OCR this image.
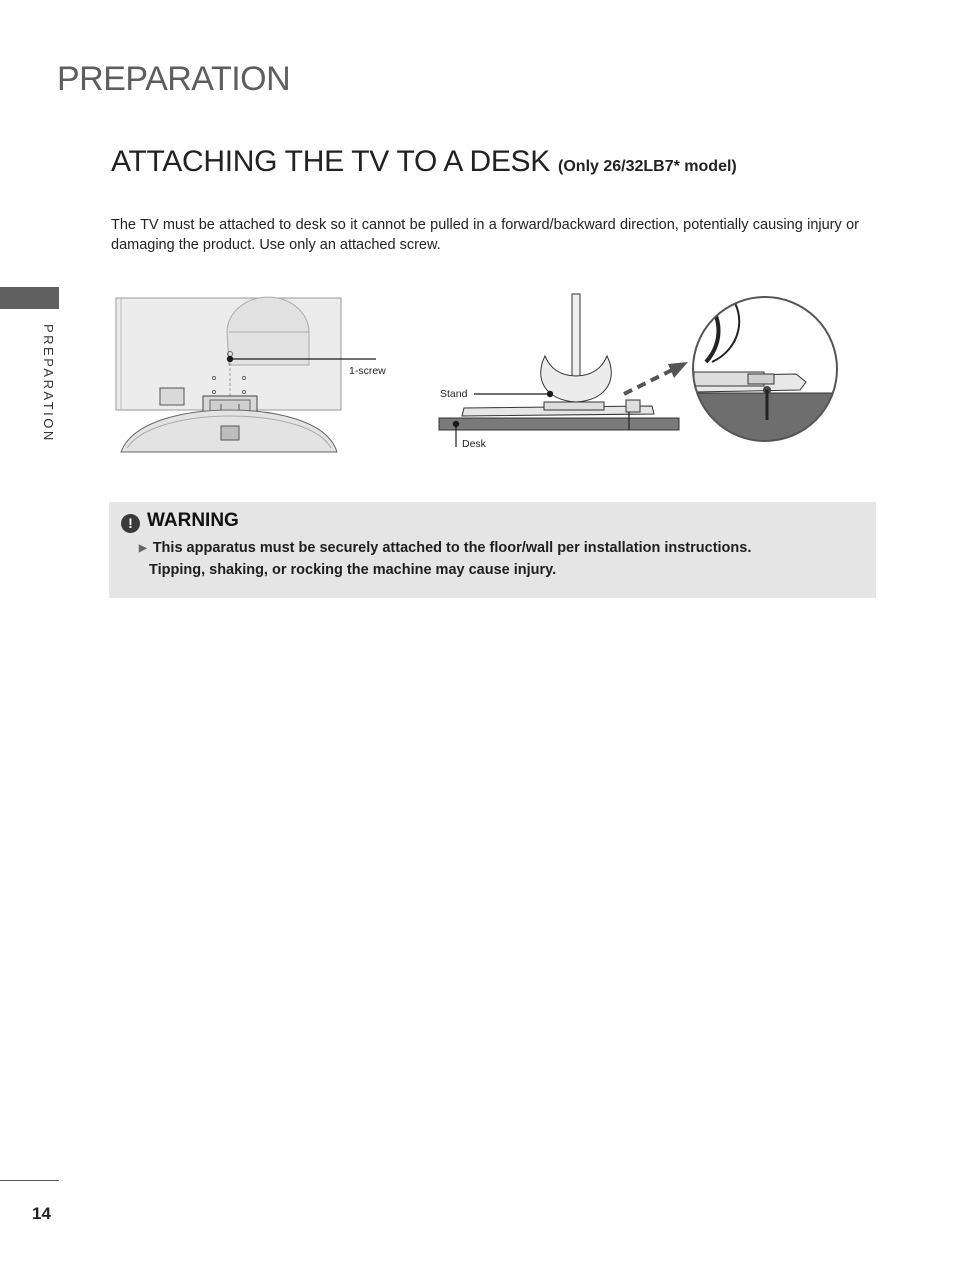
PREPARATION
PREPARATION
ATTACHING THE TV TO A DESK (Only 26/32LB7* model)

The TV must be attached to desk so it cannot be pulled in a forward/backward direction, potentially causing injury or damaging the product. Use only an attached screw.

1-screw
Stand
Desk
! WARNING

▶ This apparatus must be securely attached to the floor/wall per installation instructions.
Tipping, shaking, or rocking the machine may cause injury.

14
